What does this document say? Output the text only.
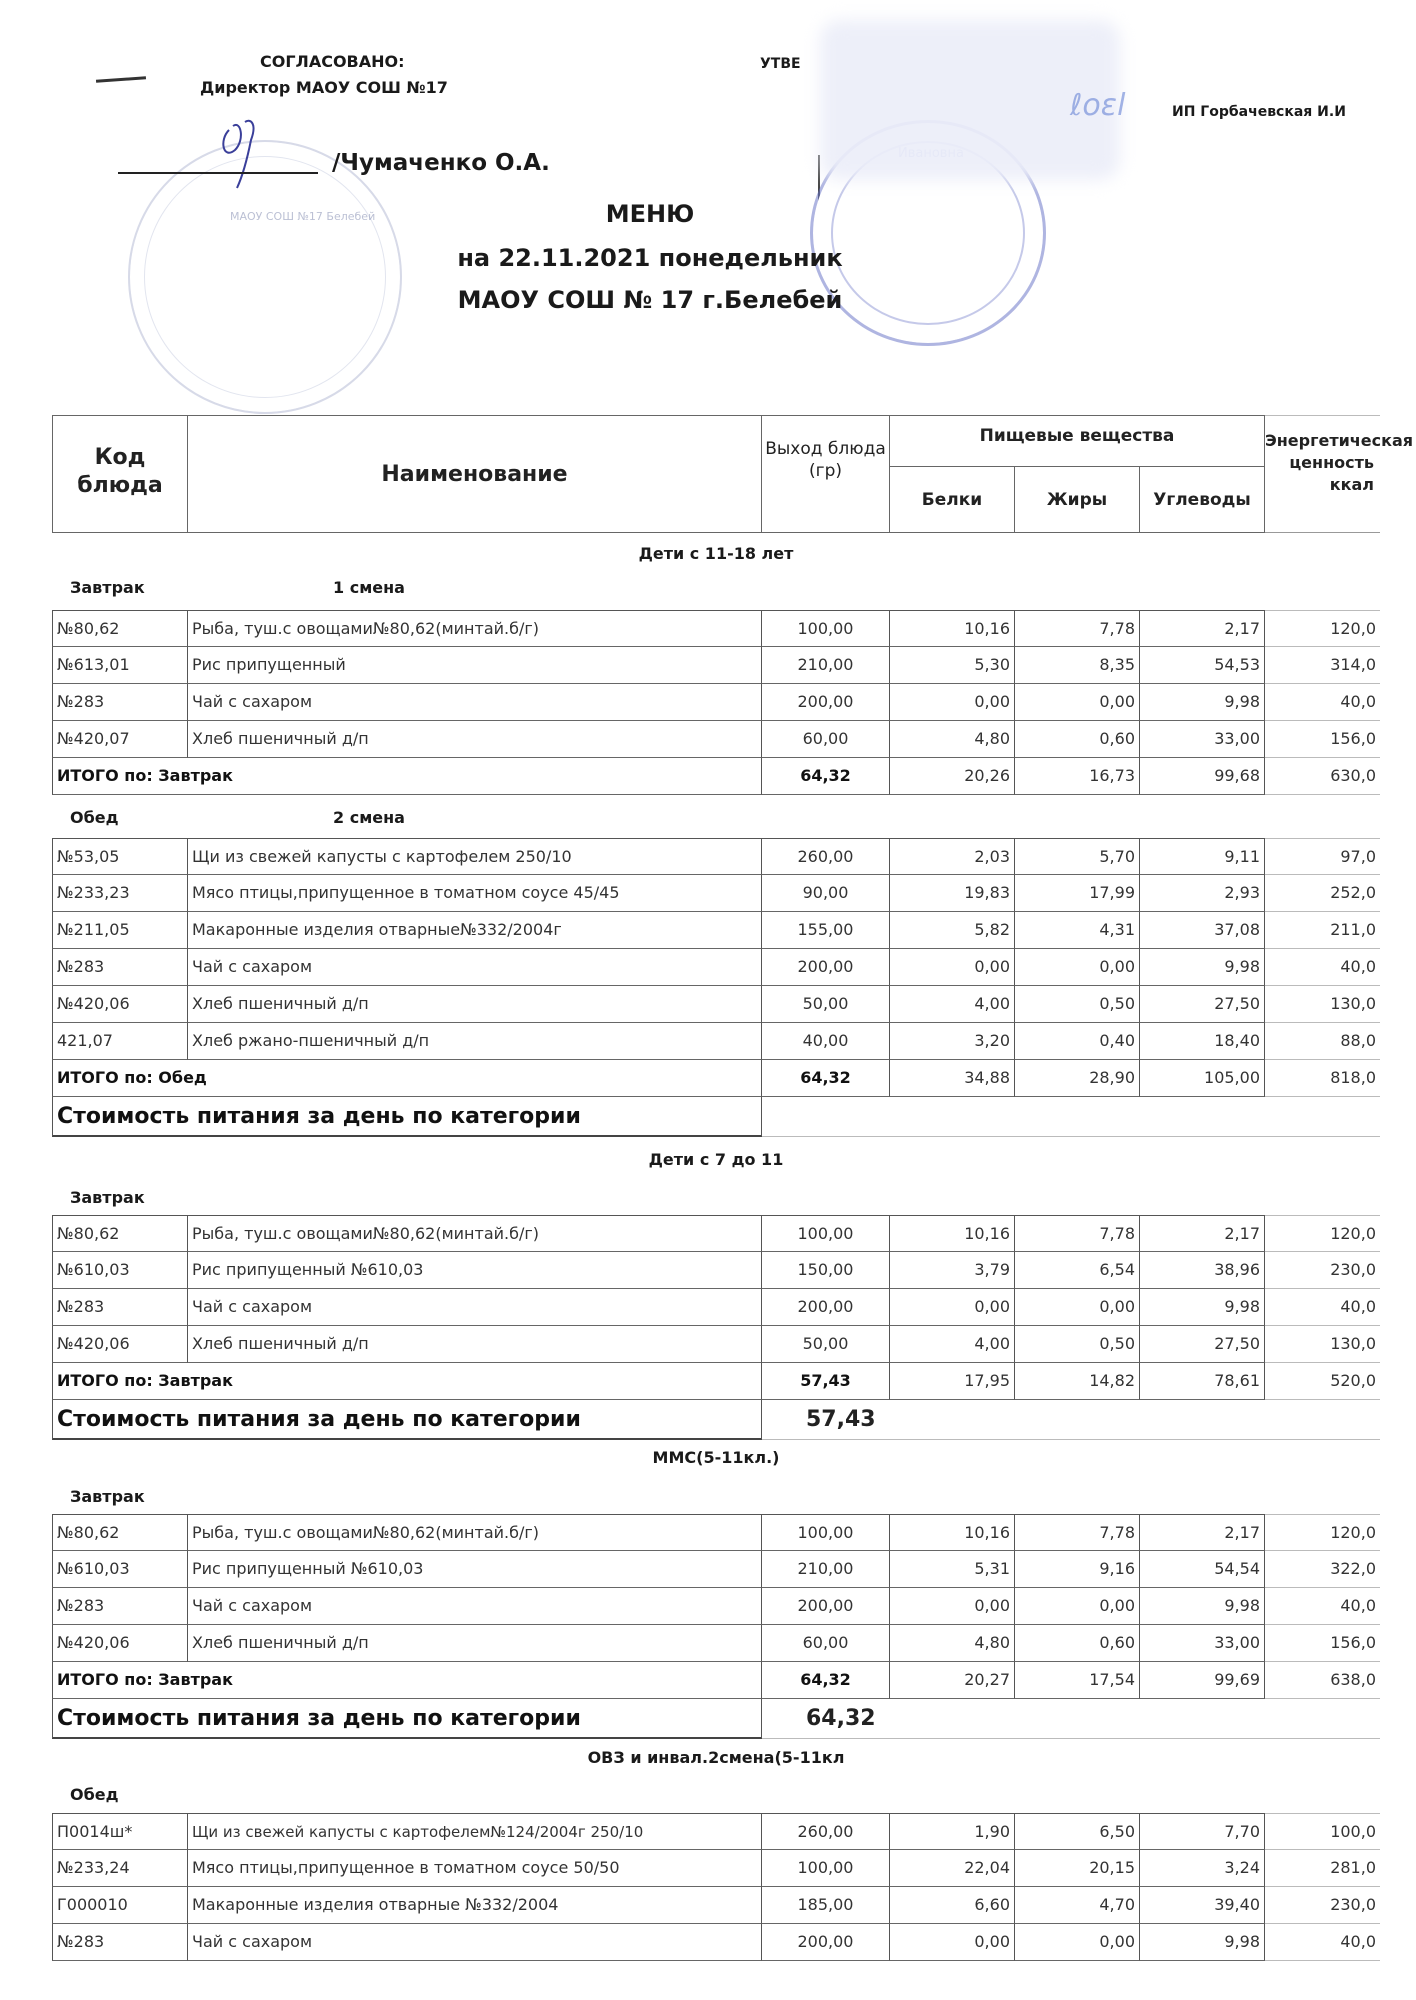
МАОУ СОШ №17 Белебей
СОГЛАСОВАНО:
Директор МАОУ СОШ №17
/Чумаченко О.А.
УТВЕ
ℓoɛl	ИП Горбачевская И.И
МЕНЮ
на 22.11.2021 понедельник
МАОУ СОШ № 17 г.Белебей
Код блюда	Наименование
Выход блюда (гр)
Пищевые вещества
Белки	Жиры	Углеводы
Энергетическая ценность ккал
Дети с 11-18 лет
Завтрак	1 смена
№80,62	Рыба, туш.с овощами№80,62(минтай.б/г)	100,00	10,16	7,78	2,17	120,0
№613,01	Рис припущенный	210,00	5,30	8,35	54,53	314,0
№283	Чай с сахаром	200,00	0,00	0,00	9,98	40,0
№420,07	Хлеб пшеничный д/п	60,00	4,80	0,60	33,00	156,0
ИТОГО по: Завтрак	64,32	20,26	16,73	99,68	630,0
Обед	2 смена
№53,05	Щи из свежей капусты с картофелем 250/10	260,00	2,03	5,70	9,11	97,0
№233,23	Мясо птицы,припущенное в томатном соусе 45/45	90,00	19,83	17,99	2,93	252,0
№211,05	Макаронные изделия отварные№332/2004г	155,00	5,82	4,31	37,08	211,0
№283	Чай с сахаром	200,00	0,00	0,00	9,98	40,0
№420,06	Хлеб пшеничный д/п	50,00	4,00	0,50	27,50	130,0
421,07	Хлеб ржано-пшеничный д/п	40,00	3,20	0,40	18,40	88,0
ИТОГО по: Обед	64,32	34,88	28,90	105,00	818,0
Стоимость питания за день по категории
Дети с 7 до 11
Завтрак
№80,62	Рыба, туш.с овощами№80,62(минтай.б/г)	100,00	10,16	7,78	2,17	120,0
№610,03	Рис припущенный №610,03	150,00	3,79	6,54	38,96	230,0
№283	Чай с сахаром	200,00	0,00	0,00	9,98	40,0
№420,06	Хлеб пшеничный д/п	50,00	4,00	0,50	27,50	130,0
ИТОГО по: Завтрак	57,43	17,95	14,82	78,61	520,0
Стоимость питания за день по категории	57,43
ММС(5-11кл.)
Завтрак
№80,62	Рыба, туш.с овощами№80,62(минтай.б/г)	100,00	10,16	7,78	2,17	120,0
№610,03	Рис припущенный №610,03	210,00	5,31	9,16	54,54	322,0
№283	Чай с сахаром	200,00	0,00	0,00	9,98	40,0
№420,06	Хлеб пшеничный д/п	60,00	4,80	0,60	33,00	156,0
ИТОГО по: Завтрак	64,32	20,27	17,54	99,69	638,0
Стоимость питания за день по категории	64,32
ОВЗ и инвал.2смена(5-11кл
Обед
П0014ш*	Щи из свежей капусты с картофелем№124/2004г 250/10	260,00	1,90	6,50	7,70	100,0
№233,24	Мясо птицы,припущенное в томатном соусе 50/50	100,00	22,04	20,15	3,24	281,0
Г000010	Макаронные изделия отварные №332/2004	185,00	6,60	4,70	39,40	230,0
№283	Чай с сахаром	200,00	0,00	0,00	9,98	40,0
